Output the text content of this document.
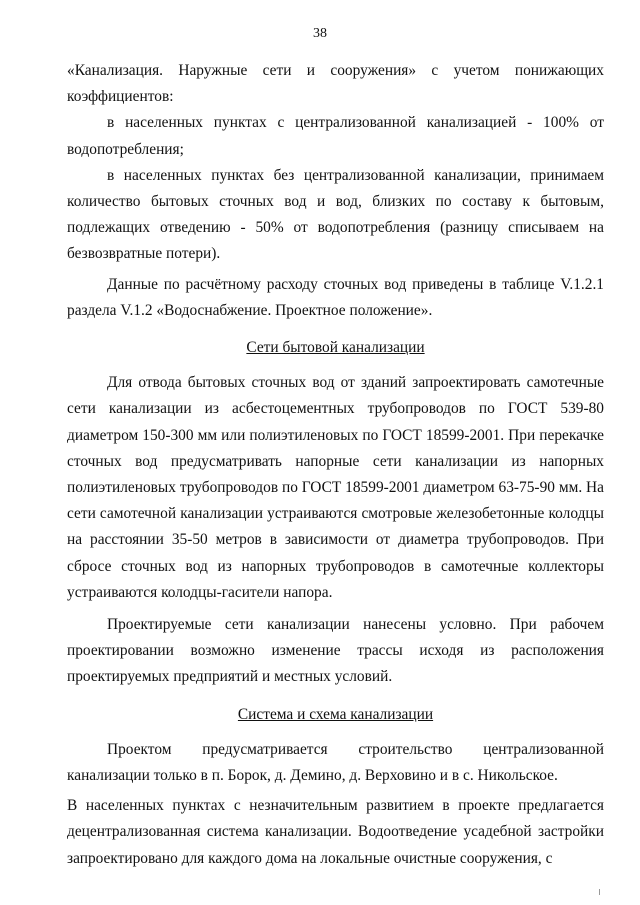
38

«Канализация. Наружные сети и сооружения» с учетом понижающих коэффициентов:

в населенных пунктах с централизованной канализацией - 100% от водопотребления;

в населенных пунктах без централизованной канализации, принимаем количество бытовых сточных вод и вод, близких по составу к бытовым, подлежащих отведению - 50% от водопотребления (разницу списываем на безвозвратные потери).

Данные по расчётному расходу сточных вод приведены в таблице V.1.2.1 раздела V.1.2 «Водоснабжение. Проектное положение».

Сети бытовой канализации

Для отвода бытовых сточных вод от зданий запроектировать самотечные сети канализации из асбестоцементных трубопроводов по ГОСТ 539-80 диаметром 150-300 мм или полиэтиленовых по ГОСТ 18599-2001. При перекачке сточных вод предусматривать напорные сети канализации из напорных полиэтиленовых трубопроводов по ГОСТ 18599-2001 диаметром 63-75-90 мм. На сети самотечной канализации устраиваются смотровые железобетонные колодцы на расстоянии 35-50 метров в зависимости от диаметра трубопроводов. При сбросе сточных вод из напорных трубопроводов в самотечные коллекторы устраиваются колодцы-гасители напора.

Проектируемые сети канализации нанесены условно. При рабочем проектировании возможно изменение трассы исходя из расположения проектируемых предприятий и местных условий.

Система и схема канализации

Проектом предусматривается строительство централизованной канализации только в п. Борок, д. Демино, д. Верховино и в с. Никольское.

В населенных пунктах с незначительным развитием в проекте предлагается децентрализованная система канализации. Водоотведение усадебной застройки запроектировано для каждого дома на локальные очистные сооружения, с
